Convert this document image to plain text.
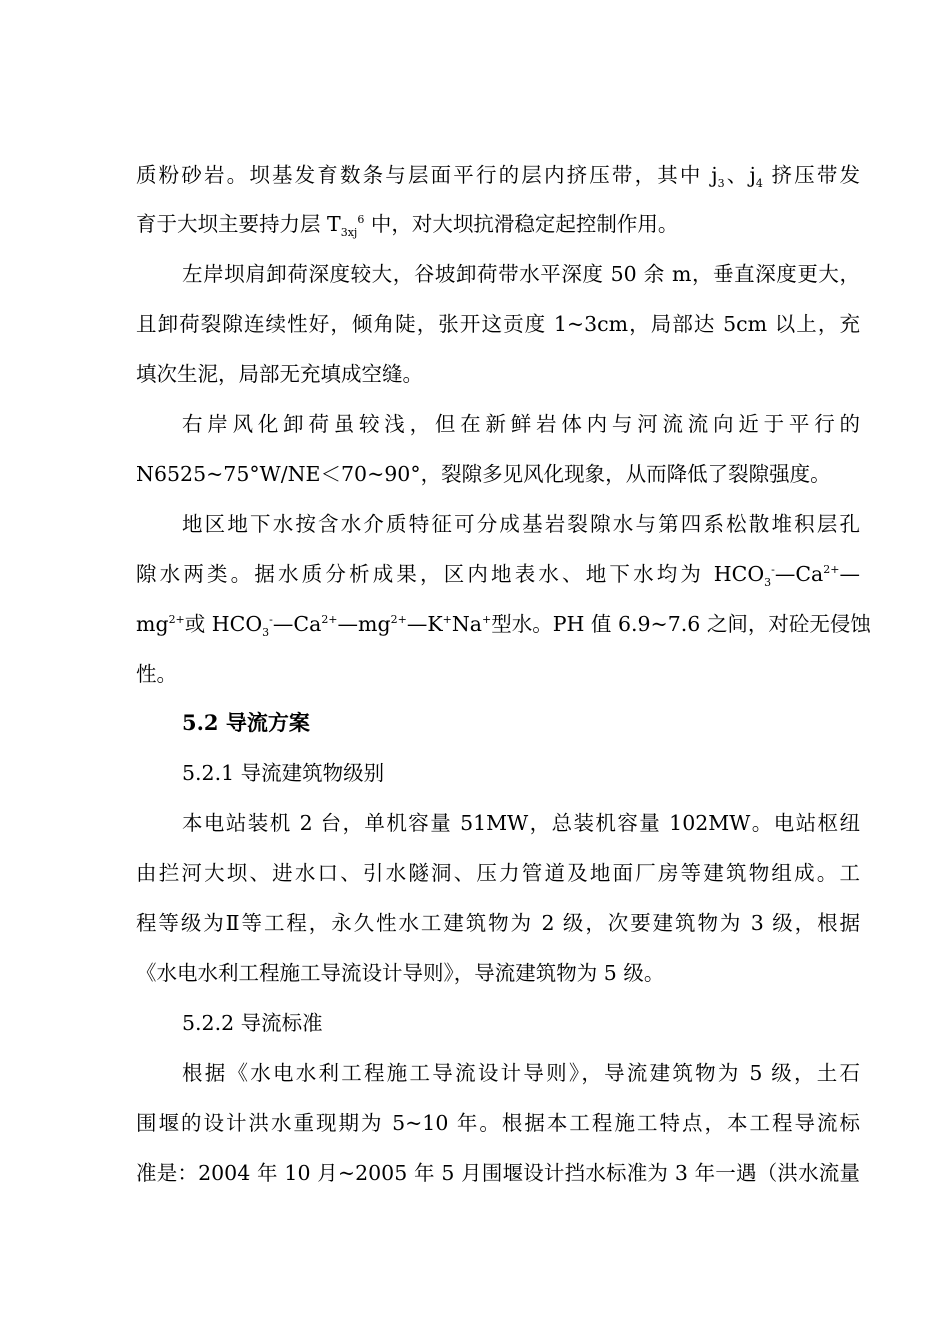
质粉砂岩。坝基发育数条与层面平行的层内挤压带，其中 $j_3$、$j_4$ 挤压带发
育于大坝主要持力层 $T_{3xj}^6$ 中，对大坝抗滑稳定起控制作用。
左岸坝肩卸荷深度较大，谷坡卸荷带水平深度 50 余 m，垂直深度更大，
且卸荷裂隙连续性好，倾角陡，张开这贡度 1~3cm，局部达 5cm 以上，充
填次生泥，局部无充填成空缝。
右岸风化卸荷虽较浅，但在新鲜岩体内与河流流向近于平行的
N6525~75°W/NE＜70~90°，裂隙多见风化现象，从而降低了裂隙强度。
地区地下水按含水介质特征可分成基岩裂隙水与第四系松散堆积层孔
隙水两类。据水质分析成果，区内地表水、地下水均为 $HCO_3^-—Ca^{2+}—$
$mg^{2+}$或 $HCO_3^-—Ca^{2+}—mg^{2+}—K^+Na^+$型水。PH 值 6.9~7.6 之间，对砼无侵蚀
性。
5.2 导流方案
5.2.1 导流建筑物级别
本电站装机 2 台，单机容量 51MW，总装机容量 102MW。电站枢纽
由拦河大坝、进水口、引水隧洞、压力管道及地面厂房等建筑物组成。工
程等级为Ⅱ等工程，永久性水工建筑物为 2 级，次要建筑物为 3 级，根据
《水电水利工程施工导流设计导则》，导流建筑物为 5 级。
5.2.2 导流标准
根据《水电水利工程施工导流设计导则》，导流建筑物为 5 级，土石
围堰的设计洪水重现期为 5~10 年。根据本工程施工特点，本工程导流标
准是：2004 年 10 月~2005 年 5 月围堰设计挡水标准为 3 年一遇（洪水流量
